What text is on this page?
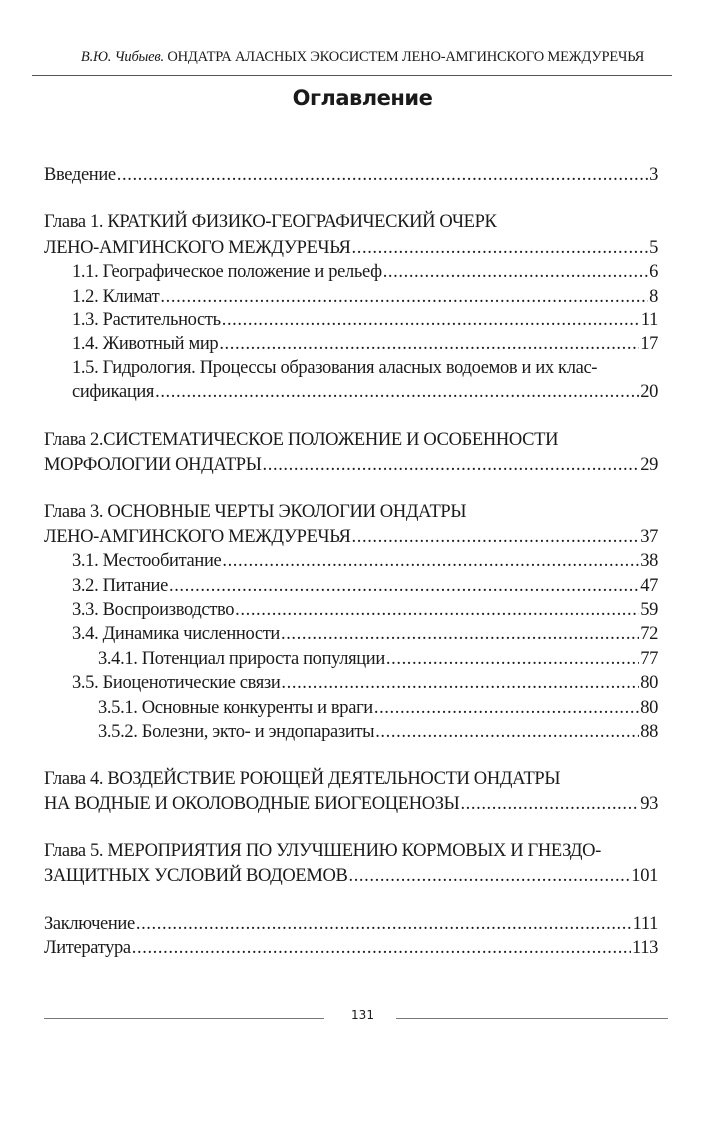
В.Ю. Чибыев. ОНДАТРА АЛАСНЫХ ЭКОСИСТЕМ ЛЕНО-АМГИНСКОГО МЕЖДУРЕЧЬЯ
Оглавление
Введение .....	3
Глава 1. КРАТКИЙ ФИЗИКО-ГЕОГРАФИЧЕСКИЙ ОЧЕРК
ЛЕНО-АМГИНСКОГО МЕЖДУРЕЧЬЯ .....	5
1.1. Географическое положение и рельеф .....	6
1.2. Климат .....	8
1.3. Растительность .....	11
1.4. Животный мир .....	17
1.5. Гидрология. Процессы образования аласных водоемов и их клас-
сификация .....	20
Глава 2.СИСТЕМАТИЧЕСКОЕ ПОЛОЖЕНИЕ И ОСОБЕННОСТИ
МОРФОЛОГИИ ОНДАТРЫ .....	29
Глава 3. ОСНОВНЫЕ ЧЕРТЫ ЭКОЛОГИИ ОНДАТРЫ
ЛЕНО-АМГИНСКОГО МЕЖДУРЕЧЬЯ .....	37
3.1. Местообитание .....	38
3.2. Питание .....	47
3.3. Воспроизводство .....	59
3.4. Динамика численности .....	72
3.4.1. Потенциал прироста популяции .....	77
3.5. Биоценотические связи .....	80
3.5.1. Основные конкуренты и враги .....	80
3.5.2. Болезни, экто- и эндопаразиты .....	88
Глава 4. ВОЗДЕЙСТВИЕ РОЮЩЕЙ ДЕЯТЕЛЬНОСТИ ОНДАТРЫ
НА ВОДНЫЕ И ОКОЛОВОДНЫЕ БИОГЕОЦЕНОЗЫ .....	93
Глава 5. МЕРОПРИЯТИЯ ПО УЛУЧШЕНИЮ КОРМОВЫХ И ГНЕЗДО-
ЗАЩИТНЫХ УСЛОВИЙ ВОДОЕМОВ .....	101
Заключение .....	111
Литература .....	113
131
